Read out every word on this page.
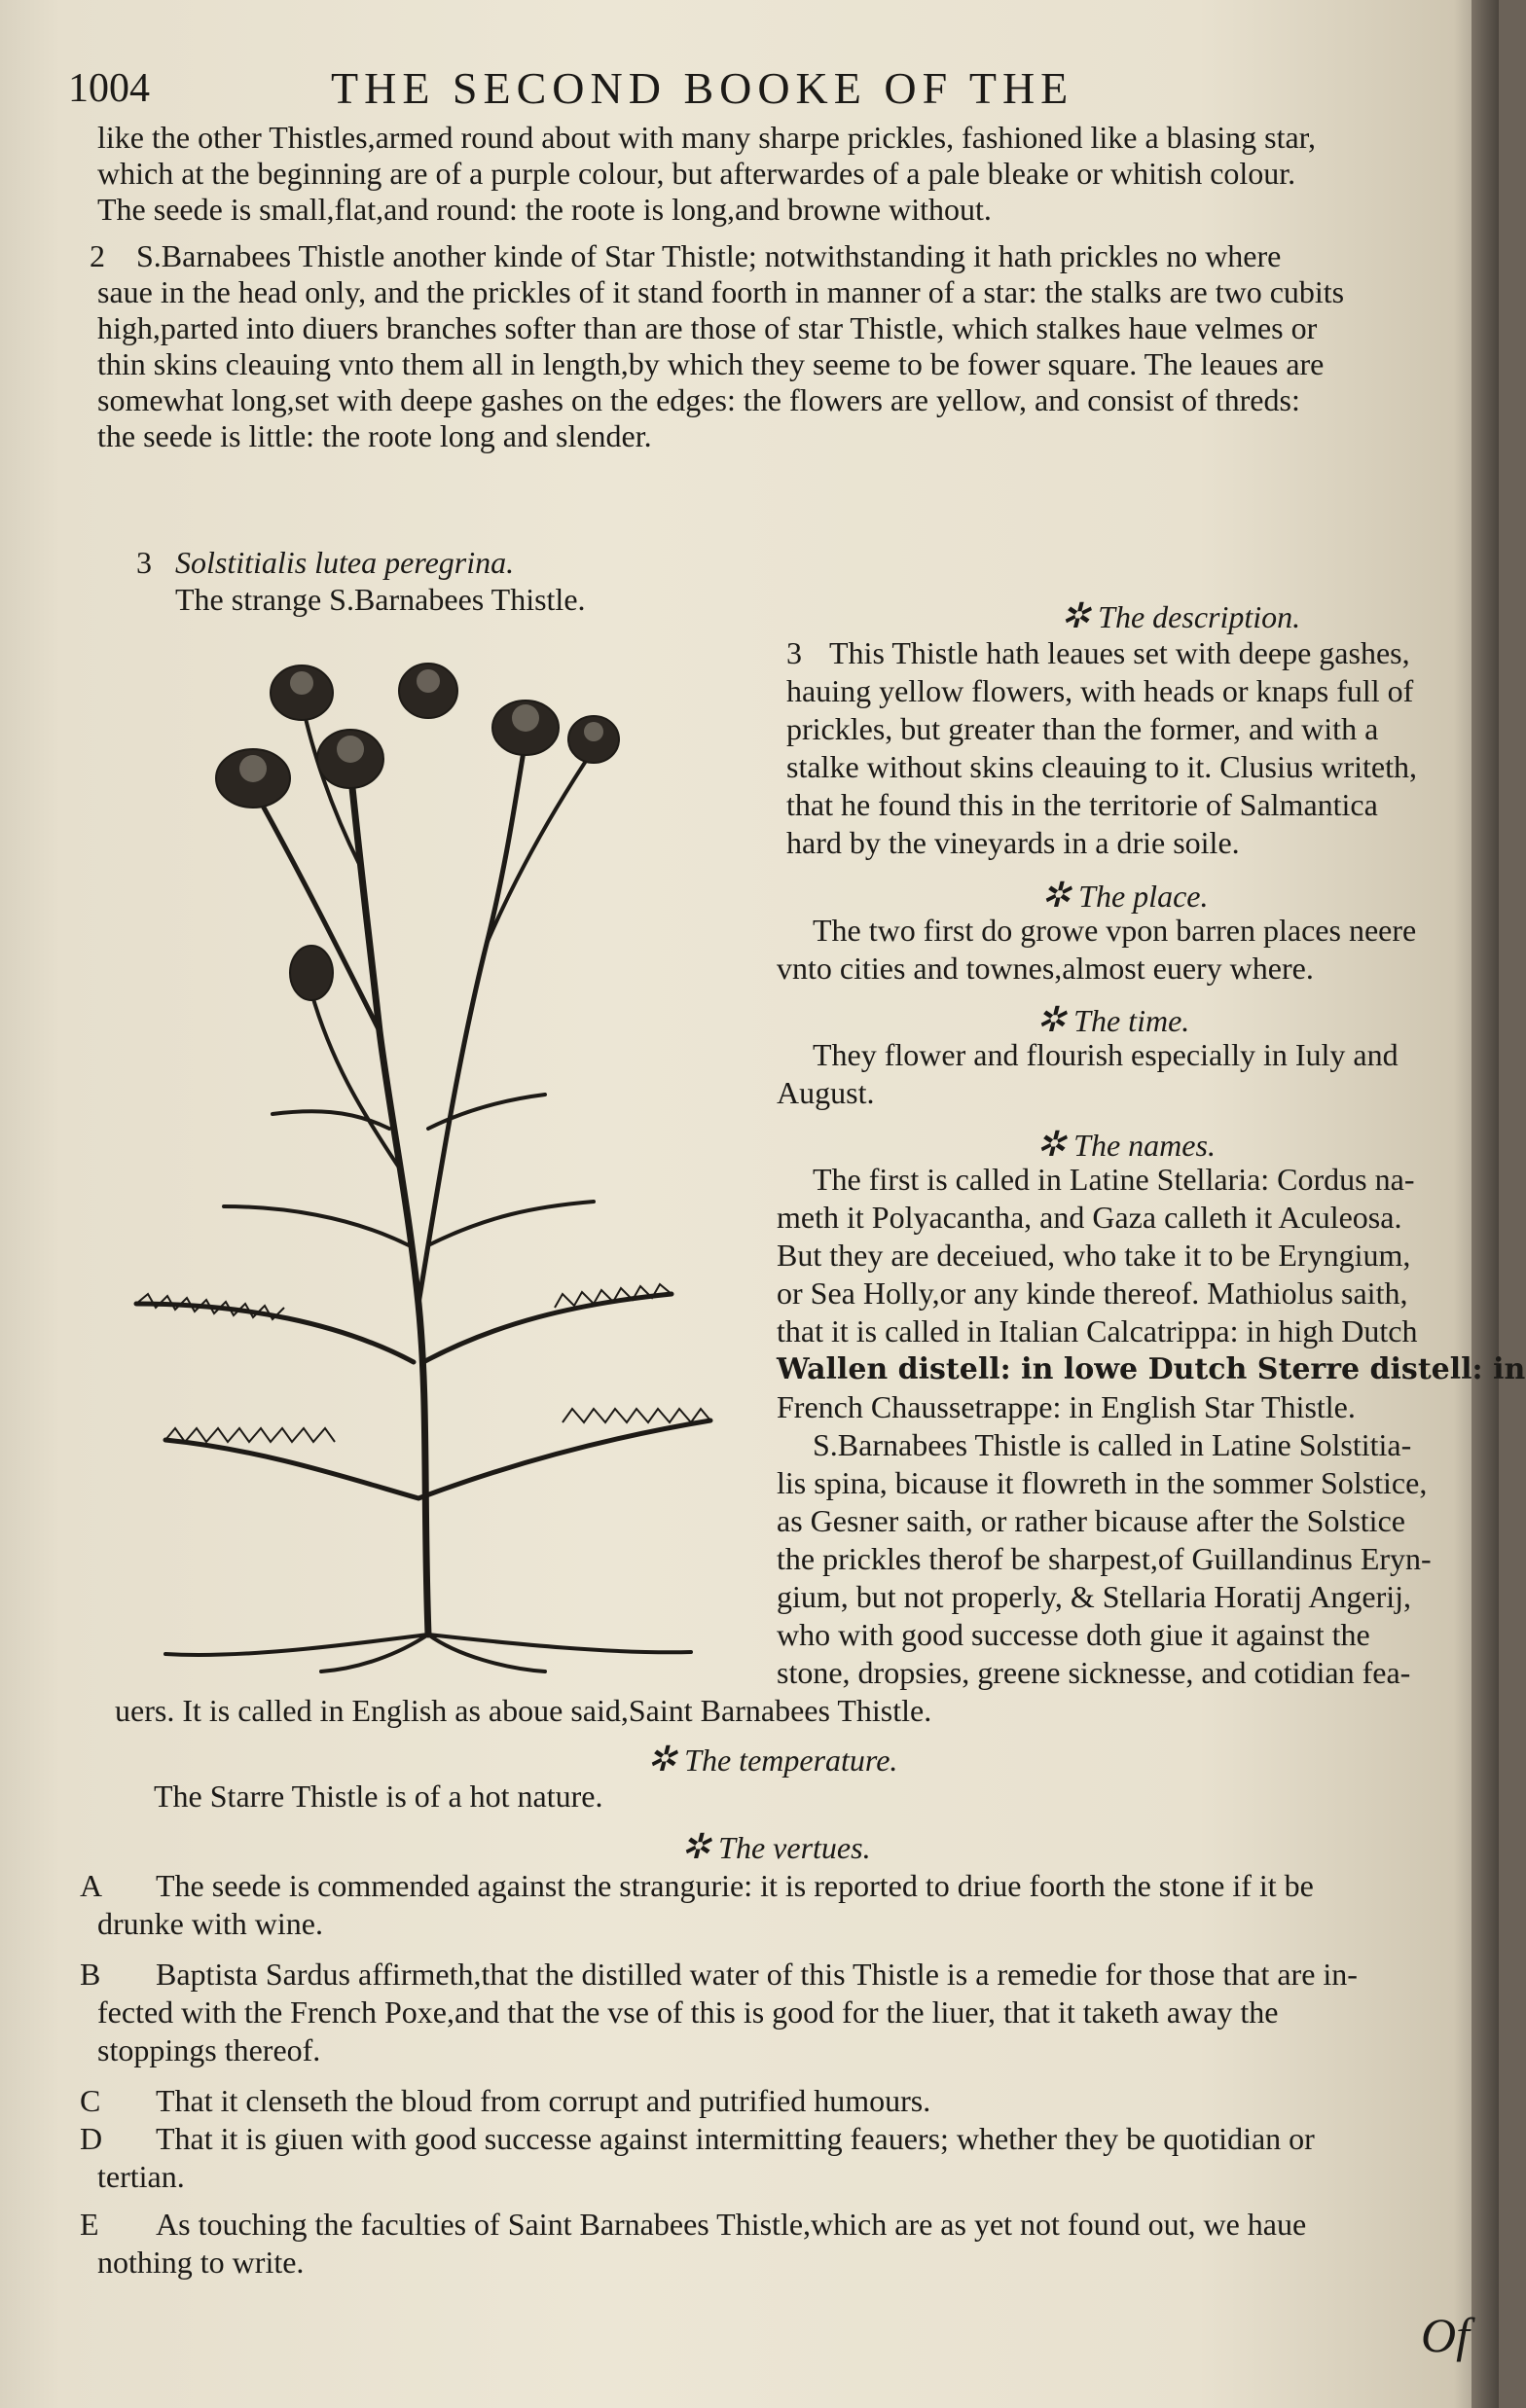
1004	THE SECOND BOOKE OF THE
like the other Thistles,armed round about with many sharpe prickles, fashioned like a blasing star,
which at the beginning are of a purple colour, but afterwardes of a pale bleake or whitish colour.
The seede is small,flat,and round: the roote is long,and browne without.
2 S.Barnabees Thistle another kinde of Star Thistle; notwithstanding it hath prickles no where
saue in the head only, and the prickles of it stand foorth in manner of a star: the stalks are two cubits
high,parted into diuers branches softer than are those of star Thistle, which stalkes haue velmes or
thin skins cleauing vnto them all in length,by which they seeme to be fower square. The leaues are
somewhat long,set with deepe gashes on the edges: the flowers are yellow, and consist of threds:
the seede is little: the roote long and slender.
3 Solstitialis lutea peregrina.
The strange S.Barnabees Thistle.	✲ The description.
3 This Thistle hath leaues set with deepe gashes,
hauing yellow flowers, with heads or knaps full of
prickles, but greater than the former, and with a
stalke without skins cleauing to it. Clusius writeth,
that he found this in the territorie of Salmantica
hard by the vineyards in a drie soile.
✲ The place.
The two first do growe vpon barren places neere
vnto cities and townes,almost euery where.
✲ The time.
They flower and flourish especially in Iuly and
August.
✲ The names.
The first is called in Latine Stellaria: Cordus na-
meth it Polyacantha, and Gaza calleth it Aculeosa.
But they are deceiued, who take it to be Eryngium,
or Sea Holly,or any kinde thereof. Mathiolus saith,
that it is called in Italian Calcatrippa: in high Dutch
Wallen distell: in lowe Dutch Sterre distell: in
French Chaussetrappe: in English Star Thistle.
S.Barnabees Thistle is called in Latine Solstitia-
lis spina, bicause it flowreth in the sommer Solstice,
as Gesner saith, or rather bicause after the Solstice
the prickles therof be sharpest,of Guillandinus Eryn-
gium, but not properly, & Stellaria Horatij Angerij,
who with good successe doth giue it against the
stone, dropsies, greene sicknesse, and cotidian fea-
uers. It is called in English as aboue said,Saint Barnabees Thistle.
✲ The temperature.
The Starre Thistle is of a hot nature.
✲ The vertues.
A The seede is commended against the strangurie: it is reported to driue foorth the stone if it be
drunke with wine.
B Baptista Sardus affirmeth,that the distilled water of this Thistle is a remedie for those that are in-
fected with the French Poxe,and that the vse of this is good for the liuer, that it taketh away the
stoppings thereof.
C That it clenseth the bloud from corrupt and putrified humours.
D That it is giuen with good successe against intermitting feauers; whether they be quotidian or
tertian.
E As touching the faculties of Saint Barnabees Thistle,which are as yet not found out, we haue
nothing to write.
Of
